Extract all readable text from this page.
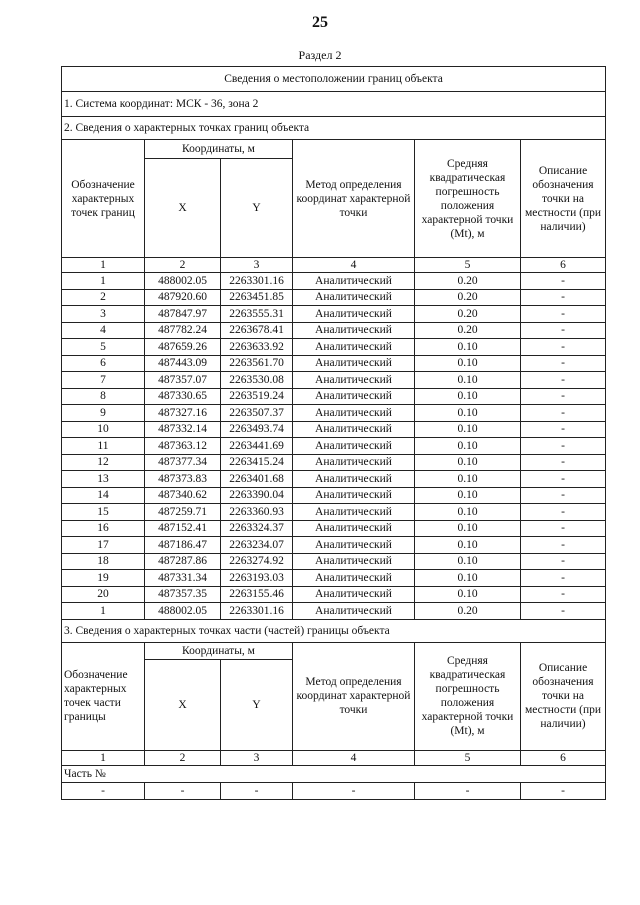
25
Раздел 2
Сведения о местоположении границ объекта					
1. Система координат: МСК - 36, зона 2					
2. Сведения о характерных точках границ объекта					
Обозначение характерных точек границ	Координаты, м		Метод определения координат характерной точки	Средняя квадратическая погрешность положения характерной точки (Mt), м	Описание обозначения точки на местности (при наличии)
	X	Y			
1	2	3	4	5	6
1	488002.05	2263301.16	Аналитический	0.20	-
2	487920.60	2263451.85	Аналитический	0.20	-
3	487847.97	2263555.31	Аналитический	0.20	-
4	487782.24	2263678.41	Аналитический	0.20	-
5	487659.26	2263633.92	Аналитический	0.10	-
6	487443.09	2263561.70	Аналитический	0.10	-
7	487357.07	2263530.08	Аналитический	0.10	-
8	487330.65	2263519.24	Аналитический	0.10	-
9	487327.16	2263507.37	Аналитический	0.10	-
10	487332.14	2263493.74	Аналитический	0.10	-
11	487363.12	2263441.69	Аналитический	0.10	-
12	487377.34	2263415.24	Аналитический	0.10	-
13	487373.83	2263401.68	Аналитический	0.10	-
14	487340.62	2263390.04	Аналитический	0.10	-
15	487259.71	2263360.93	Аналитический	0.10	-
16	487152.41	2263324.37	Аналитический	0.10	-
17	487186.47	2263234.07	Аналитический	0.10	-
18	487287.86	2263274.92	Аналитический	0.10	-
19	487331.34	2263193.03	Аналитический	0.10	-
20	487357.35	2263155.46	Аналитический	0.10	-
1	488002.05	2263301.16	Аналитический	0.20	-
3. Сведения о характерных точках части (частей) границы объекта					
Обозначение характерных точек части границы	Координаты, м		Метод определения координат характерной точки	Средняя квадратическая погрешность положения характерной точки (Mt), м	Описание обозначения точки на местности (при наличии)
	X	Y			
1	2	3	4	5	6
Часть №					
-	-	-	-	-	-
